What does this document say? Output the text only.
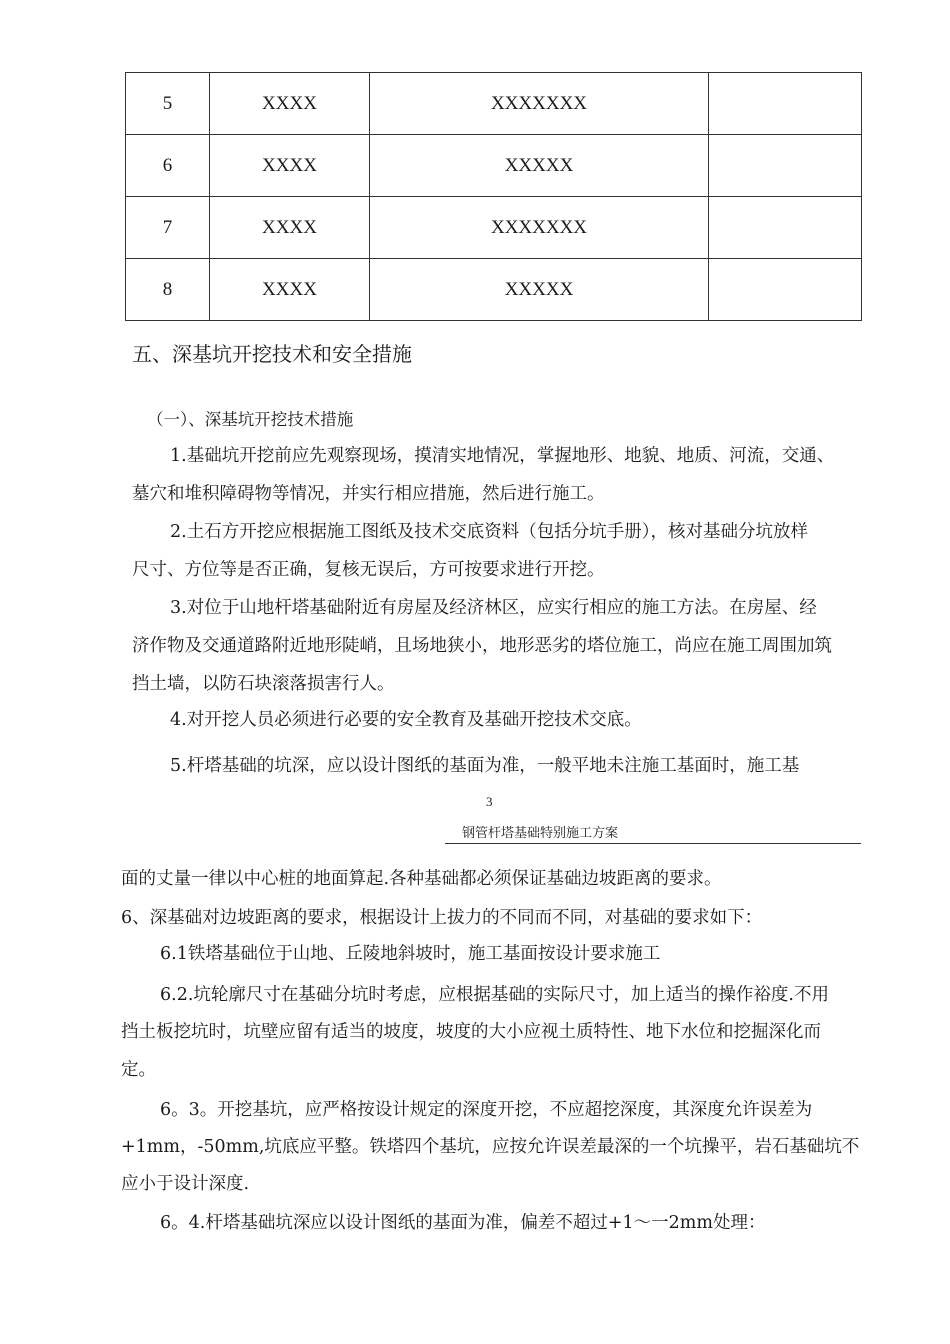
5	XXXX	XXXXXXX	
6	XXXX	XXXXX	
7	XXXX	XXXXXXX	
8	XXXX	XXXXX	
五、深基坑开挖技术和安全措施
（一）、深基坑开挖技术措施
1.基础坑开挖前应先观察现场，摸清实地情况，掌握地形、地貌、地质、河流，交通、
墓穴和堆积障碍物等情况，并实行相应措施，然后进行施工。
2.土石方开挖应根据施工图纸及技术交底资料（包括分坑手册），核对基础分坑放样
尺寸、方位等是否正确，复核无误后，方可按要求进行开挖。
3.对位于山地杆塔基础附近有房屋及经济林区，应实行相应的施工方法。在房屋、经
济作物及交通道路附近地形陡峭，且场地狭小，地形恶劣的塔位施工，尚应在施工周围加筑
挡土墙，以防石块滚落损害行人。
4.对开挖人员必须进行必要的安全教育及基础开挖技术交底。
5.杆塔基础的坑深，应以设计图纸的基面为准，一般平地未注施工基面时，施工基
3
钢管杆塔基础特别施工方案
面的丈量一律以中心桩的地面算起.各种基础都必须保证基础边坡距离的要求。
6、深基础对边坡距离的要求，根据设计上拔力的不同而不同，对基础的要求如下：
6.1铁塔基础位于山地、丘陵地斜坡时，施工基面按设计要求施工
6.2.坑轮廓尺寸在基础分坑时考虑，应根据基础的实际尺寸，加上适当的操作裕度.不用
挡土板挖坑时，坑壁应留有适当的坡度，坡度的大小应视土质特性、地下水位和挖掘深化而
定。
6。3。开挖基坑，应严格按设计规定的深度开挖，不应超挖深度，其深度允许误差为
+1mm，-50mm,坑底应平整。铁塔四个基坑，应按允许误差最深的一个坑操平，岩石基础坑不
应小于设计深度.
6。4.杆塔基础坑深应以设计图纸的基面为准，偏差不超过+1〜一2mm处理：
